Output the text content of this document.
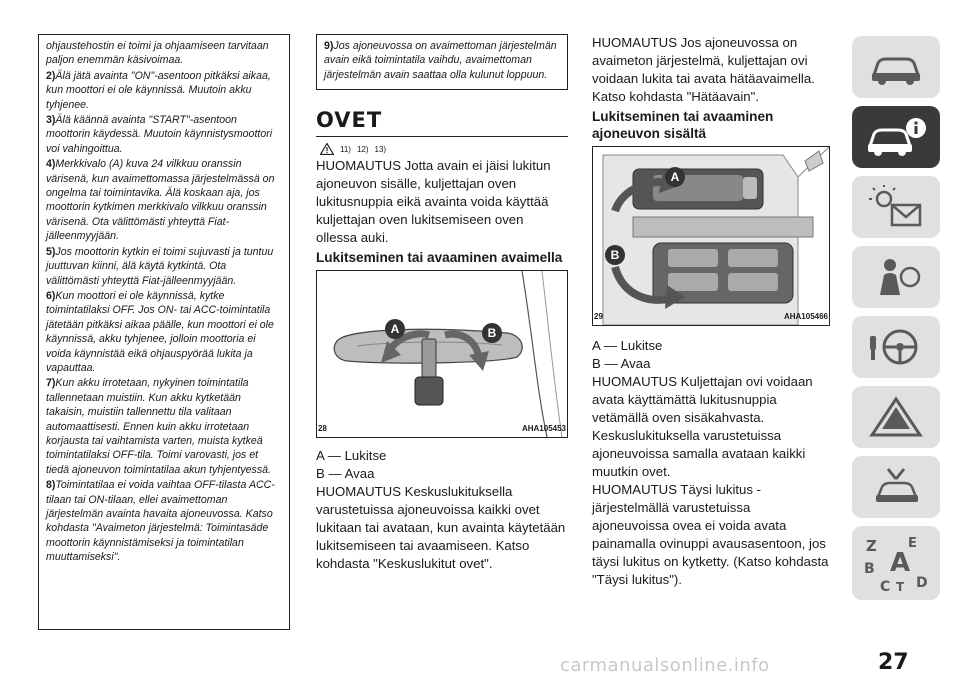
ohjaustehostin ei toimi ja ohjaamiseen tarvitaan paljon enemmän käsivoimaa.

2)Älä jätä avainta "ON"-asentoon pitkäksi aikaa, kun moottori ei ole käynnissä. Muutoin akku tyhjenee.

3)Älä käännä avainta "START"-asentoon moottorin käydessä. Muutoin käynnistysmoottori voi vahingoittua.

4)Merkkivalo (A) kuva 24 vilkkuu oranssin värisenä, kun avaimettomassa järjestelmässä on ongelma tai toimintavika. Älä koskaan aja, jos moottorin kytkimen merkkivalo vilkkuu oranssin värisenä. Ota välittömästi yhteyttä Fiat-jälleenmyyjään.

5)Jos moottorin kytkin ei toimi sujuvasti ja tuntuu juuttuvan kiinni, älä käytä kytkintä. Ota välittömästi yhteyttä Fiat-jälleenmyyjään.

6)Kun moottori ei ole käynnissä, kytke toimintatilaksi OFF. Jos ON- tai ACC-toimintatila jätetään pitkäksi aikaa päälle, kun moottori ei ole käynnissä, akku tyhjenee, jolloin moottoria ei voida käynnistää eikä ohjauspyörää lukita ja vapauttaa.

7)Kun akku irrotetaan, nykyinen toimintatila tallennetaan muistiin. Kun akku kytketään takaisin, muistiin tallennettu tila valitaan automaattisesti. Ennen kuin akku irrotetaan korjausta tai vaihtamista varten, muista kytkeä toimintatilaksi OFF-tila. Toimi varovasti, jos et tiedä ajoneuvon toimintatilaa akun tyhjentyessä.

8)Toimintatilaa ei voida vaihtaa OFF-tilasta ACC-tilaan tai ON-tilaan, ellei avaimettoman järjestelmän avainta havaita ajoneuvossa. Katso kohdasta "Avaimeton järjestelmä: Toimintasäde moottorin käynnistämiseksi ja toimintatilan muuttamiseksi".

9)Jos ajoneuvossa on avaimettoman järjestelmän avain eikä toimintatila vaihdu, avaimettoman järjestelmän avain saattaa olla kulunut loppuun.

OVET
11) 12) 13)

HUOMAUTUS Jotta avain ei jäisi lukitun ajoneuvon sisälle, kuljettajan oven lukitusnuppia eikä avainta voida käyttää kuljettajan oven lukitsemiseen oven ollessa auki.

Lukitseminen tai avaaminen avaimella
A	B
28	AHA105453

A — Lukitse

B — Avaa

HUOMAUTUS Keskuslukituksella varustetuissa ajoneuvoissa kaikki ovet lukitaan tai avataan, kun avainta käytetään lukitsemiseen tai avaamiseen. Katso kohdasta "Keskuslukitut ovet".

HUOMAUTUS Jos ajoneuvossa on avaimeton järjestelmä, kuljettajan ovi voidaan lukita tai avata hätäavaimella. Katso kohdasta "Hätäavain".

Lukitseminen tai avaaminen ajoneuvon sisältä
A
B
29	AHA105466

A — Lukitse

B — Avaa

HUOMAUTUS Kuljettajan ovi voidaan avata käyttämättä lukitusnuppia vetämällä oven sisäkahvasta. Keskuslukituksella varustetuissa ajoneuvoissa samalla avataan kaikki muutkin ovet.

HUOMAUTUS Täysi lukitus -järjestelmällä varustetuissa ajoneuvoissa ovea ei voida avata painamalla ovinuppi avausasentoon, jos täysi lukitus on kytketty. (Katso kohdasta "Täysi lukitus").

Z E
B A
C T D
27
carmanualsonline.info
